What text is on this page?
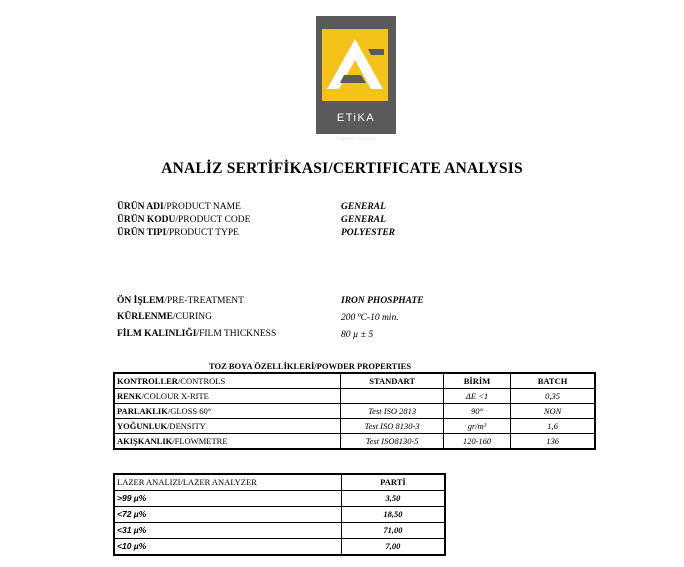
ETiKA
POWDER COATINGS
ANALİZ SERTİFİKASI/CERTIFICATE ANALYSIS
ÜRÜN ADI/PRODUCT NAME	GENERAL
ÜRÜN KODU/PRODUCT CODE	GENERAL
ÜRÜN TIPI/PRODUCT TYPE	POLYESTER
ÖN İŞLEM/PRE-TREATMENT	IRON PHOSPHATE
KÜRLENME/CURING	200 ºC-10 min.
FİLM KALINLIĞI/FILM THICKNESS	80 µ ± 5
TOZ BOYA ÖZELLİKLERİ/POWDER PROPERTIES
KONTROLLER/CONTROLS	STANDART	BİRİM	BATCH
RENK/COLOUR X-RITE		ΔE <1	0,35
PARLAKLIK/GLOSS 60°	Test ISO 2813	90°	NON
YOĞUNLUK/DENSITY	Test ISO 8130-3	gr/m³	1,6
AKIŞKANLIK/FLOWMETRE	Test ISO8130-5	120-160	136
LAZER ANALIZI/LAZER ANALYZER	PARTİ
>99 µ%	3,50
<72 µ%	18,50
<31 µ%	71,00
<10 µ%	7,00
